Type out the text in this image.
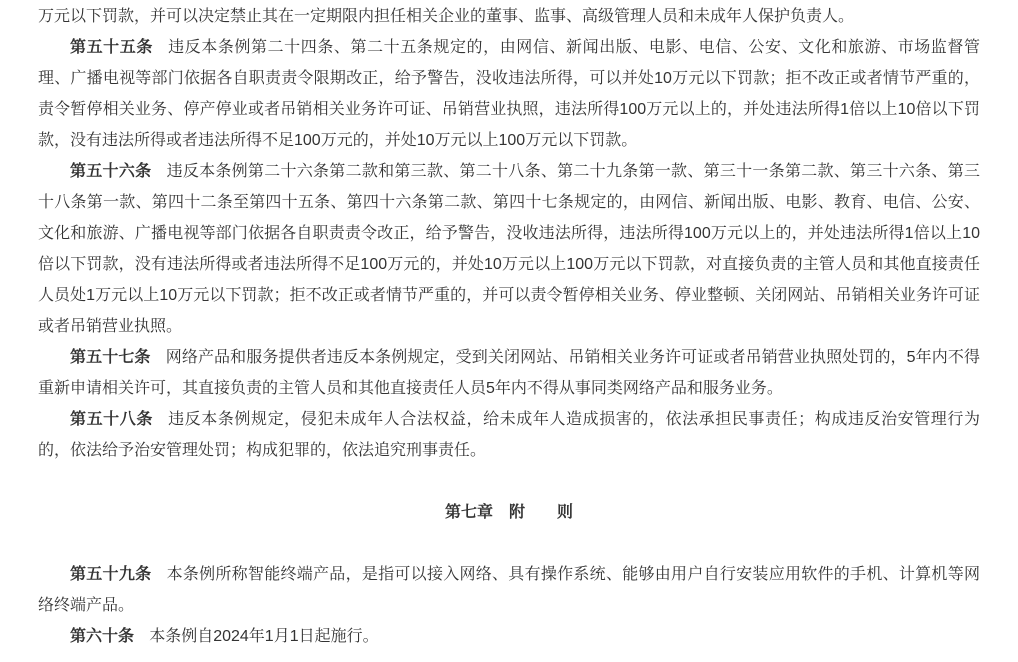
万元以下罚款，并可以决定禁止其在一定期限内担任相关企业的董事、监事、高级管理人员和未成年人保护负责人。

第五十五条 违反本条例第二十四条、第二十五条规定的，由网信、新闻出版、电影、电信、公安、文化和旅游、市场监督管理、广播电视等部门依据各自职责责令限期改正，给予警告，没收违法所得，可以并处10万元以下罚款；拒不改正或者情节严重的，责令暂停相关业务、停产停业或者吊销相关业务许可证、吊销营业执照，违法所得100万元以上的，并处违法所得1倍以上10倍以下罚款，没有违法所得或者违法所得不足100万元的，并处10万元以上100万元以下罚款。

第五十六条 违反本条例第二十六条第二款和第三款、第二十八条、第二十九条第一款、第三十一条第二款、第三十六条、第三十八条第一款、第四十二条至第四十五条、第四十六条第二款、第四十七条规定的，由网信、新闻出版、电影、教育、电信、公安、文化和旅游、广播电视等部门依据各自职责责令改正，给予警告，没收违法所得，违法所得100万元以上的，并处违法所得1倍以上10倍以下罚款，没有违法所得或者违法所得不足100万元的，并处10万元以上100万元以下罚款，对直接负责的主管人员和其他直接责任人员处1万元以上10万元以下罚款；拒不改正或者情节严重的，并可以责令暂停相关业务、停业整顿、关闭网站、吊销相关业务许可证或者吊销营业执照。

第五十七条 网络产品和服务提供者违反本条例规定，受到关闭网站、吊销相关业务许可证或者吊销营业执照处罚的，5年内不得重新申请相关许可，其直接负责的主管人员和其他直接责任人员5年内不得从事同类网络产品和服务业务。

第五十八条 违反本条例规定，侵犯未成年人合法权益，给未成年人造成损害的，依法承担民事责任；构成违反治安管理行为的，依法给予治安管理处罚；构成犯罪的，依法追究刑事责任。

第七章 附 则

第五十九条 本条例所称智能终端产品，是指可以接入网络、具有操作系统、能够由用户自行安装应用软件的手机、计算机等网络终端产品。

第六十条 本条例自2024年1月1日起施行。
